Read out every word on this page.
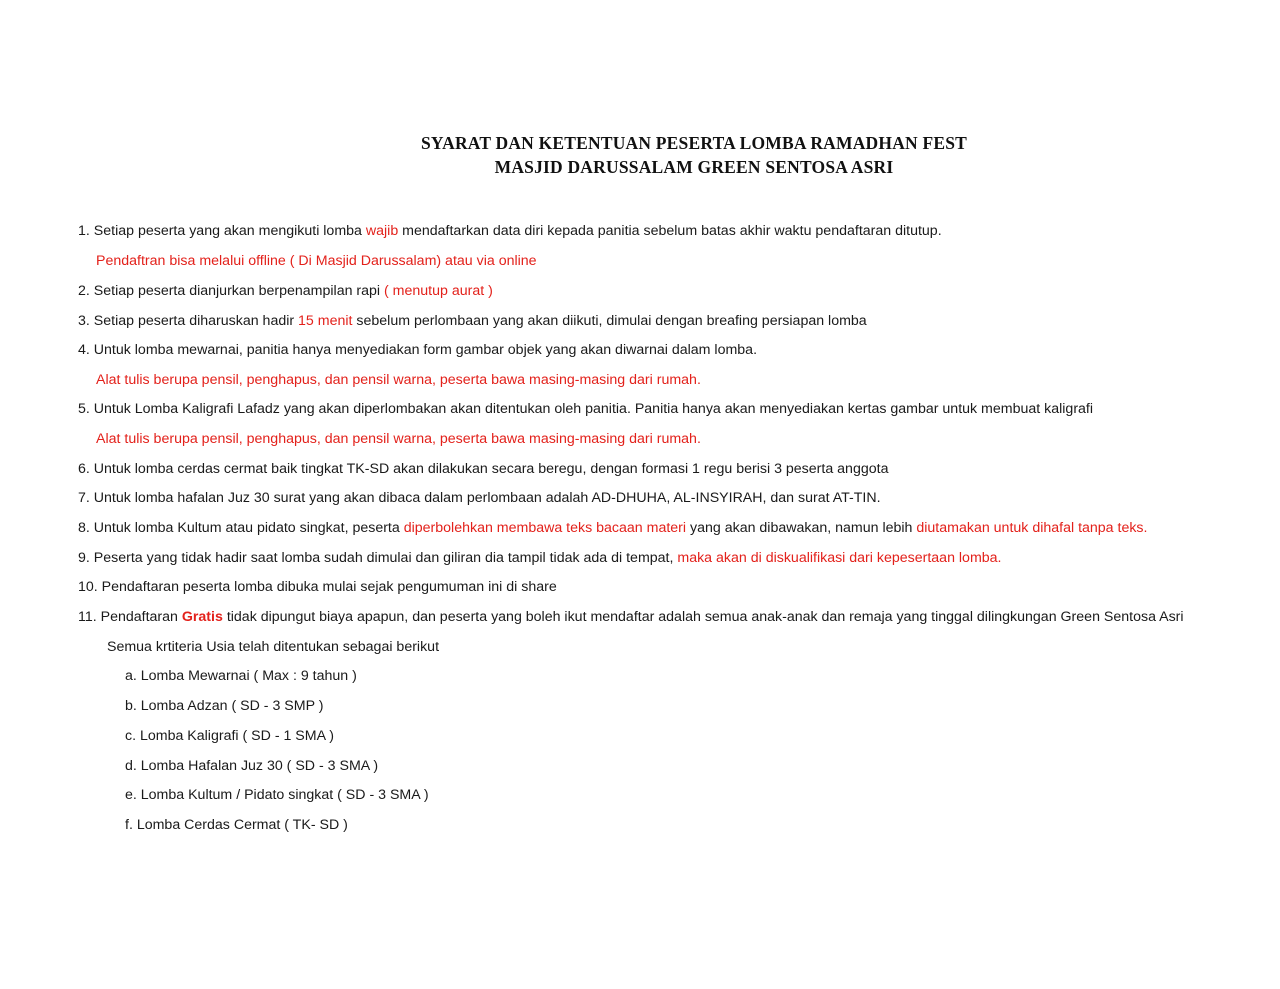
SYARAT DAN KETENTUAN PESERTA LOMBA RAMADHAN FEST
MASJID DARUSSALAM GREEN SENTOSA ASRI
1. Setiap peserta yang akan mengikuti lomba wajib mendaftarkan data diri kepada panitia sebelum batas akhir waktu pendaftaran ditutup.
Pendaftran bisa melalui offline ( Di Masjid Darussalam) atau via online
2. Setiap peserta dianjurkan berpenampilan rapi ( menutup aurat )
3. Setiap peserta diharuskan hadir 15 menit sebelum perlombaan yang akan diikuti, dimulai dengan breafing persiapan lomba
4. Untuk lomba mewarnai, panitia hanya menyediakan form gambar objek yang akan diwarnai dalam lomba.
Alat tulis berupa pensil, penghapus, dan pensil warna, peserta bawa masing-masing dari rumah.
5. Untuk Lomba Kaligrafi Lafadz yang akan diperlombakan akan ditentukan oleh panitia. Panitia hanya akan menyediakan kertas gambar untuk membuat kaligrafi
Alat tulis berupa pensil, penghapus, dan pensil warna, peserta bawa masing-masing dari rumah.
6. Untuk lomba cerdas cermat baik tingkat TK-SD akan dilakukan secara beregu, dengan formasi 1 regu berisi 3 peserta anggota
7. Untuk lomba hafalan Juz 30 surat yang akan dibaca dalam perlombaan adalah AD-DHUHA, AL-INSYIRAH, dan surat AT-TIN.
8. Untuk lomba Kultum atau pidato singkat, peserta diperbolehkan membawa teks bacaan materi yang akan dibawakan, namun lebih diutamakan untuk dihafal tanpa teks.
9. Peserta yang tidak hadir saat lomba sudah dimulai dan giliran dia tampil tidak ada di tempat, maka akan di diskualifikasi dari kepesertaan lomba.
10. Pendaftaran peserta lomba dibuka mulai sejak pengumuman ini di share
11. Pendaftaran Gratis tidak dipungut biaya apapun, dan peserta yang boleh ikut mendaftar adalah semua anak-anak dan remaja yang tinggal dilingkungan Green Sentosa Asri
Semua krtiteria Usia telah ditentukan sebagai berikut
a. Lomba Mewarnai ( Max : 9 tahun )
b. Lomba Adzan ( SD - 3 SMP )
c. Lomba Kaligrafi ( SD - 1 SMA )
d. Lomba Hafalan Juz 30 ( SD - 3 SMA )
e. Lomba Kultum / Pidato singkat ( SD - 3 SMA )
f. Lomba Cerdas Cermat ( TK- SD )
